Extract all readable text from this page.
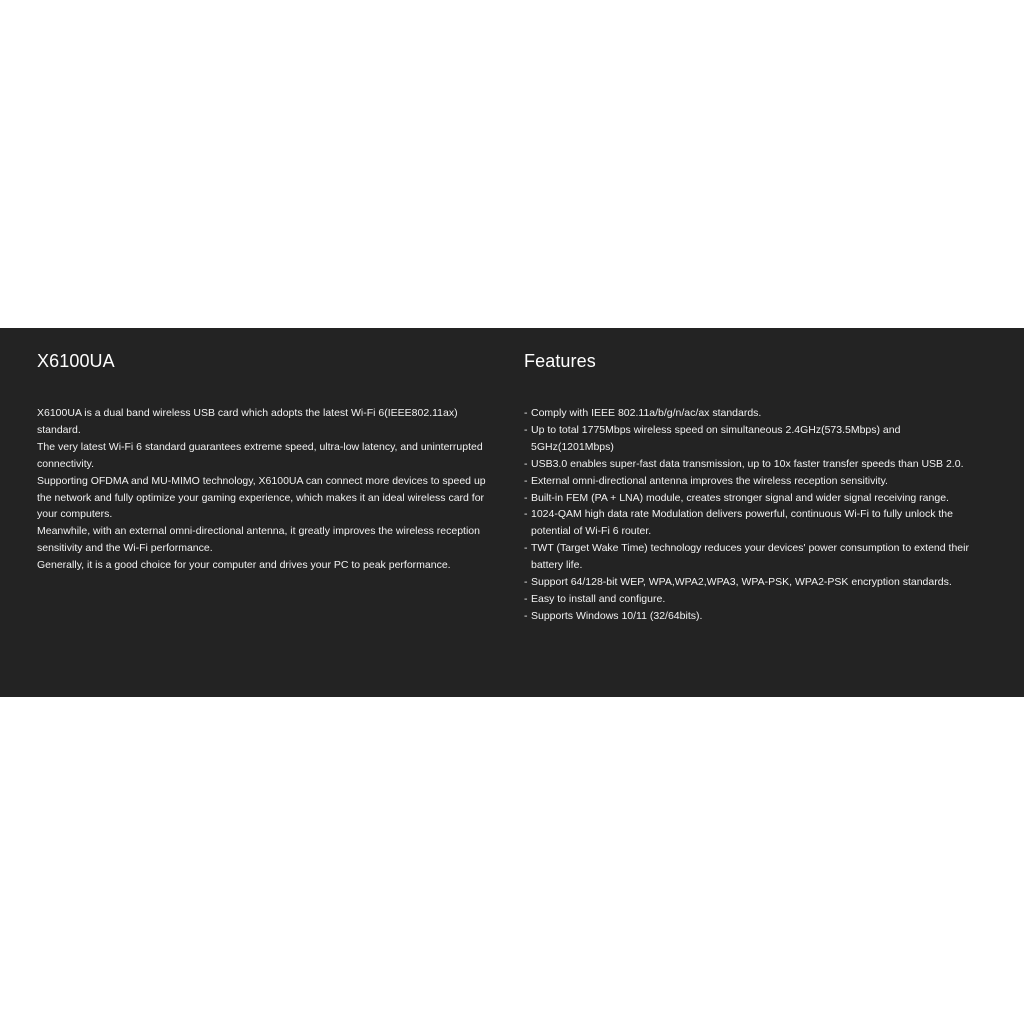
X6100UA

X6100UA is a dual band wireless USB card which adopts the latest Wi-Fi 6(IEEE802.11ax) standard.

The very latest Wi-Fi 6 standard guarantees extreme speed, ultra-low latency, and uninterrupted connectivity.

Supporting OFDMA and MU-MIMO technology, X6100UA can connect more devices to speed up the network and fully optimize your gaming experience, which makes it an ideal wireless card for your computers.

Meanwhile, with an external omni-directional antenna, it greatly improves the wireless reception sensitivity and the Wi-Fi performance.

Generally, it is a good choice for your computer and drives your PC to peak performance.

Features
- Comply with IEEE 802.11a/b/g/n/ac/ax standards.
- Up to total 1775Mbps wireless speed on simultaneous 2.4GHz(573.5Mbps) and 5GHz(1201Mbps)
- USB3.0 enables super-fast data transmission, up to 10x faster transfer speeds than USB 2.0.
- External omni-directional antenna improves the wireless reception sensitivity.
- Built-in FEM (PA + LNA) module, creates stronger signal and wider signal receiving range.
- 1024-QAM high data rate Modulation delivers powerful, continuous Wi-Fi to fully unlock the potential of Wi-Fi 6 router.
- TWT (Target Wake Time) technology reduces your devices' power consumption to extend their battery life.
- Support 64/128-bit WEP, WPA,WPA2,WPA3, WPA-PSK, WPA2-PSK encryption standards.
- Easy to install and configure.
- Supports Windows 10/11 (32/64bits).
